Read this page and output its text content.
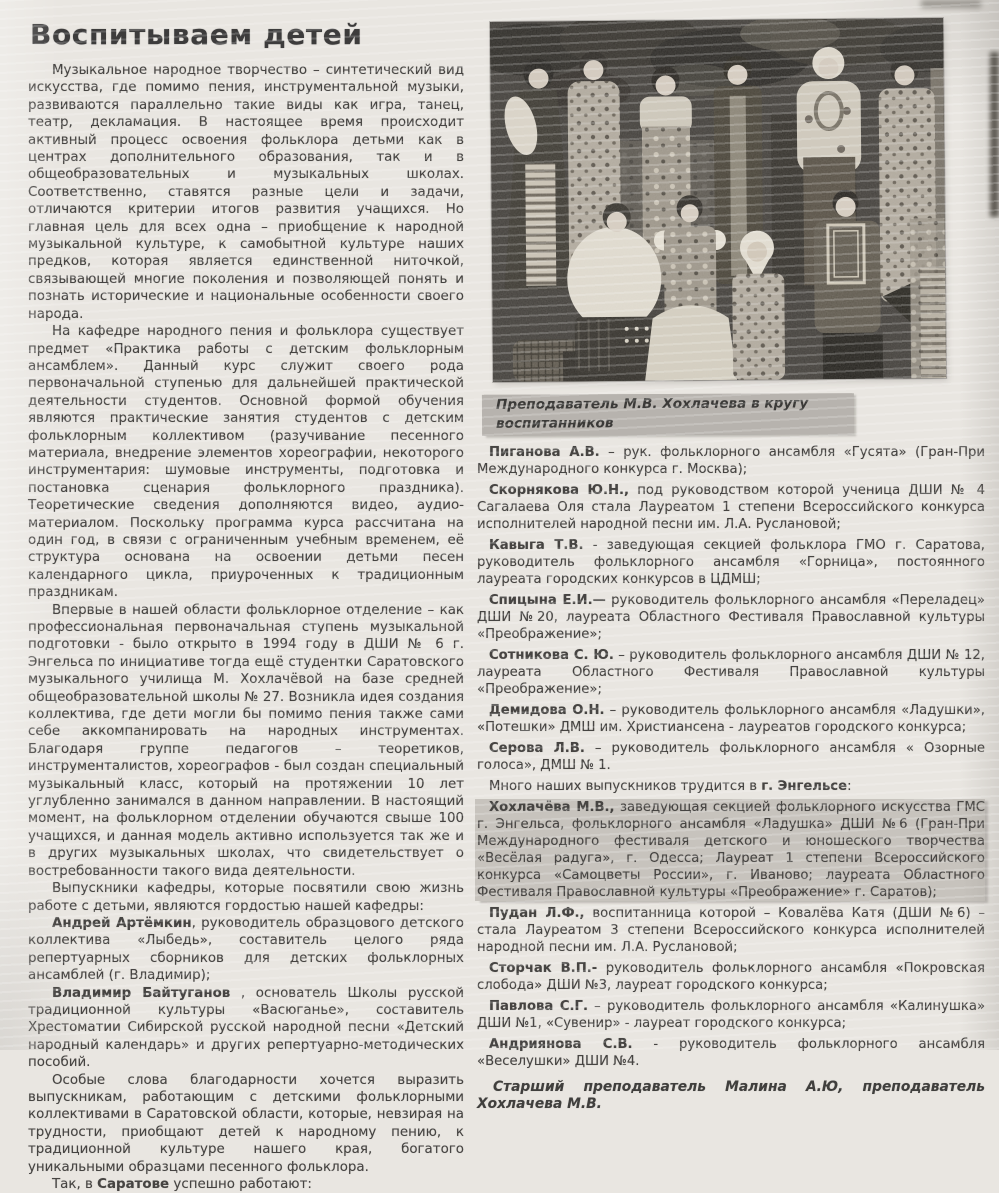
Воспитываем детей

Музыкальное народное творчество – синтетический вид искусства, где помимо пения, инструментальной музыки, развиваются параллельно такие виды как игра, танец, театр, декламация. В настоящее время происходит активный процесс освоения фольклора детьми как в центрах дополнительного образования, так и в общеобразовательных и музыкальных школах. Соответственно, ставятся разные цели и задачи, отличаются критерии итогов развития учащихся. Но главная цель для всех одна – приобщение к народной музыкальной культуре, к самобытной культуре наших предков, которая является единственной ниточкой, связывающей многие поколения и позволяющей понять и познать исторические и национальные особенности своего народа.

На кафедре народного пения и фольклора существует предмет «Практика работы с детским фольклорным ансамблем». Данный курс служит своего рода первоначальной ступенью для дальнейшей практической деятельности студентов. Основной формой обучения являются практические занятия студентов с детским фольклорным коллективом (разучивание песенного материала, внедрение элементов хореографии, некоторого инструментария: шумовые инструменты, подготовка и постановка сценария фольклорного праздника). Теоретические сведения дополняются видео, аудио-материалом. Поскольку программа курса рассчитана на один год, в связи с ограниченным учебным временем, её структура основана на освоении детьми песен календарного цикла, приуроченных к традиционным праздникам.

Впервые в нашей области фольклорное отделение – как профессиональная первоначальная ступень музыкальной подготовки - было открыто в 1994 году в ДШИ № 6 г. Энгельса по инициативе тогда ещё студентки Саратовского музыкального училища М. Хохлачёвой на базе средней общеобразовательной школы № 27. Возникла идея создания коллектива, где дети могли бы помимо пения также сами себе аккомпанировать на народных инструментах. Благодаря группе педагогов – теоретиков, инструменталистов, хореографов - был создан специальный музыкальный класс, который на протяжении 10 лет углубленно занимался в данном направлении. В настоящий момент, на фольклорном отделении обучаются свыше 100 учащихся, и данная модель активно используется так же и в других музыкальных школах, что свидетельствует о востребованности такого вида деятельности.

Выпускники кафедры, которые посвятили свою жизнь работе с детьми, являются гордостью нашей кафедры:

Андрей Артёмкин, руководитель образцового детского коллектива «Лыбедь», составитель целого ряда репертуарных сборников для детских фольклорных ансамблей (г. Владимир);

Владимир Байтуганов , основатель Школы русской традиционной культуры «Васюганье», составитель Хрестоматии Сибирской русской народной песни «Детский народный календарь» и других репертуарно-методических пособий.

Особые слова благодарности хочется выразить выпускникам, работающим с детскими фольклорными коллективами в Саратовской области, которые, невзирая на трудности, приобщают детей к народному пению, к традиционной культуре нашего края, богатого уникальными образцами песенного фольклора.

Так, в Саратове успешно работают:

Преподаватель М.В. Хохлачева в кругу воспитанников

Пиганова А.В. – рук. фольклорного ансамбля «Гусята» (Гран-При Международного конкурса г. Москва);

Скорнякова Ю.Н., под руководством которой ученица ДШИ № 4 Сагалаева Оля стала Лауреатом 1 степени Всероссийского конкурса исполнителей народной песни им. Л.А. Руслановой;

Кавыга Т.В. - заведующая секцией фольклора ГМО г. Саратова, руководитель фольклорного ансамбля «Горница», постоянного лауреата городских конкурсов в ЦДМШ;

Спицына Е.И.— руководитель фольклорного ансамбля «Переладец» ДШИ №20, лауреата Областного Фестиваля Православной культуры «Преображение»;

Сотникова С. Ю. – руководитель фольклорного ансамбля ДШИ № 12, лауреата Областного Фестиваля Православной культуры «Преображение»;

Демидова О.Н. – руководитель фольклорного ансамбля «Ладушки», «Потешки» ДМШ им. Христиансена - лауреатов городского конкурса;

Серова Л.В. – руководитель фольклорного ансамбля « Озорные голоса», ДМШ № 1.

Много наших выпускников трудится в г. Энгельсе:

Хохлачёва М.В., заведующая секцией фольклорного искусства ГМС г. Энгельса, фольклорного ансамбля «Ладушка» ДШИ №6 (Гран-При Международного фестиваля детского и юношеского творчества «Весёлая радуга», г. Одесса; Лауреат 1 степени Всероссийского конкурса «Самоцветы России», г. Иваново; лауреата Областного Фестиваля Православной культуры «Преображение» г. Саратов);

Пудан Л.Ф., воспитанница которой – Ковалёва Катя (ДШИ №6) – стала Лауреатом 3 степени Всероссийского конкурса исполнителей народной песни им. Л.А. Руслановой;

Сторчак В.П.- руководитель фольклорного ансамбля «Покровская слобода» ДШИ №3, лауреат городского конкурса;

Павлова С.Г. – руководитель фольклорного ансамбля «Калинушка» ДШИ №1, «Сувенир» - лауреат городского конкурса;

Андриянова С.В. - руководитель фольклорного ансамбля «Веселушки» ДШИ №4.

Старший преподаватель Малина А.Ю, преподаватель Хохлачева М.В.
